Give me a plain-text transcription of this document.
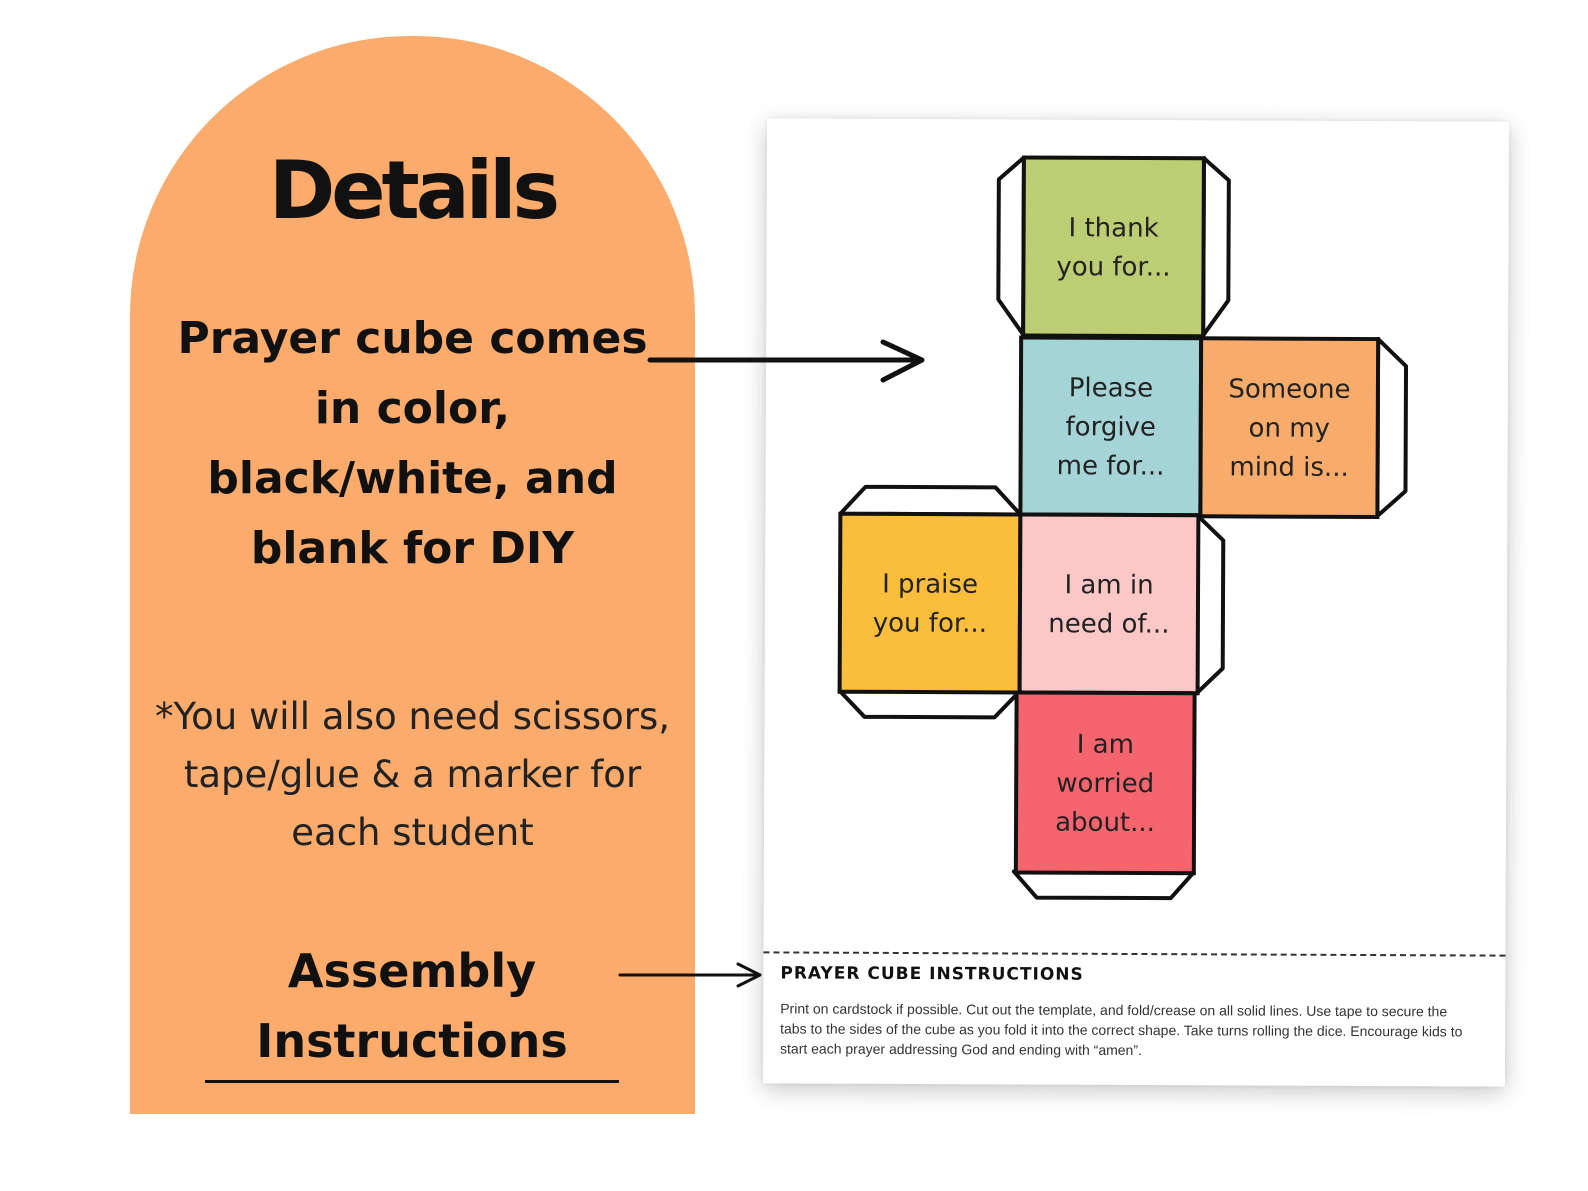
Details
Prayer cube comes in color, black/white, and blank for DIY
*You will also need scissors, tape/glue & a marker for each student
Assembly Instructions
I thank
you for...
Please
forgive
me for...
Someone
on my
mind is...
I praise
you for...
I am in
need of...
I am
worried
about...
PRAYER CUBE INSTRUCTIONS
Print on cardstock if possible. Cut out the template, and fold/crease on all solid lines. Use tape to secure the tabs to the sides of the cube as you fold it into the correct shape. Take turns rolling the dice. Encourage kids to start each prayer addressing God and ending with “amen”.
